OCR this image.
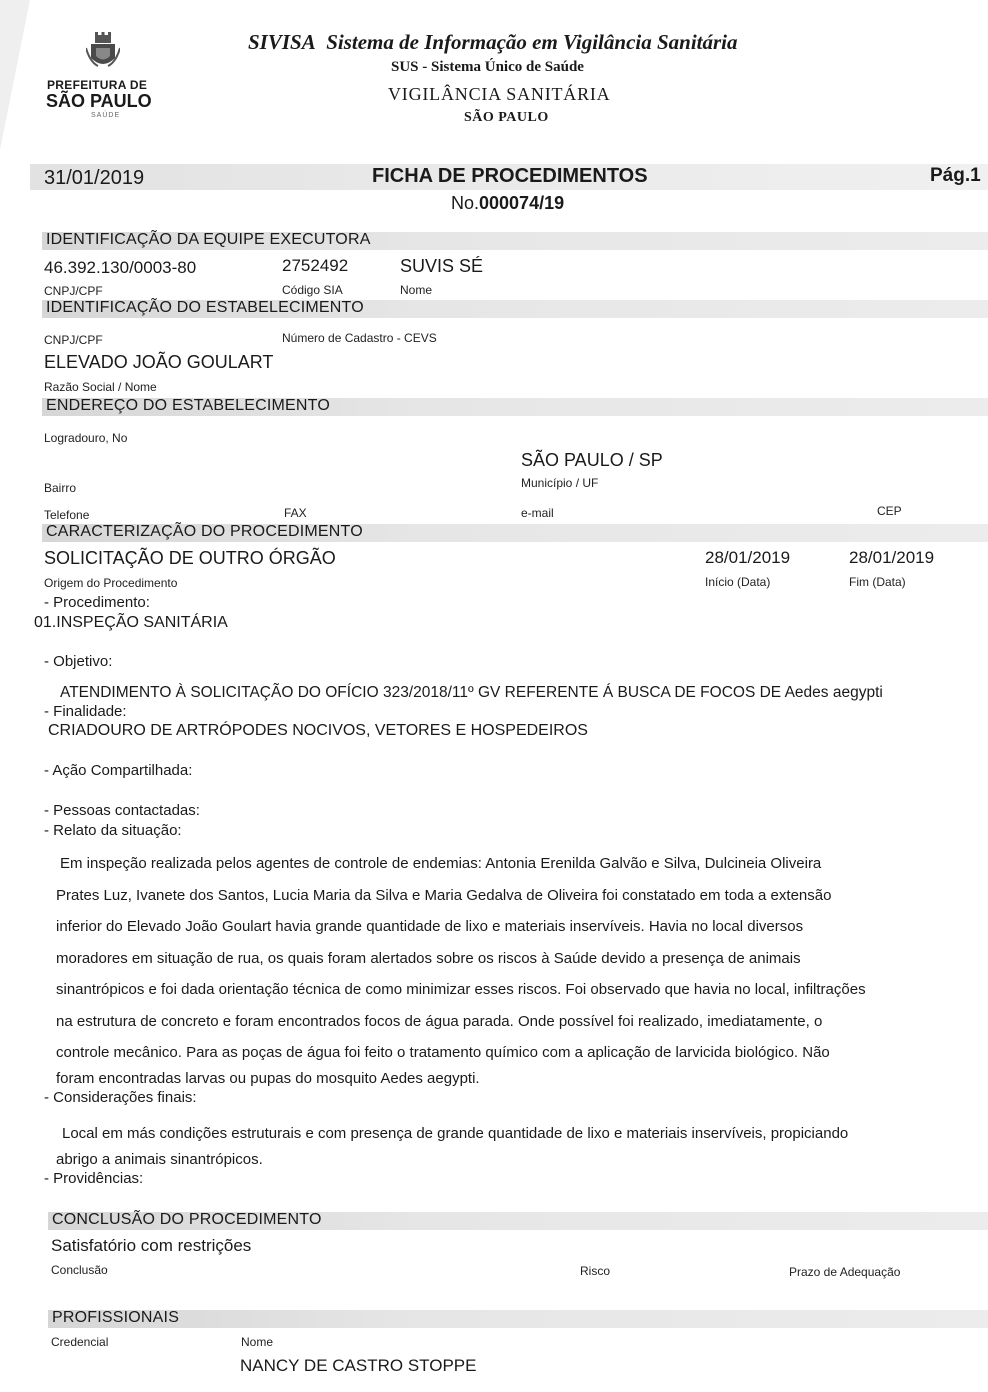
PREFEITURA DE
SÃO PAULO
SAÚDE
SIVISA Sistema de Informação em Vigilância Sanitária
SUS - Sistema Único de Saúde
VIGILÂNCIA SANITÁRIA
SÃO PAULO
31/01/2019	FICHA DE PROCEDIMENTOS	Pág.1
No.000074/19
IDENTIFICAÇÃO DA EQUIPE EXECUTORA
46.392.130/0003-80	2752492	SUVIS SÉ
CNPJ/CPF	Código SIA	Nome
IDENTIFICAÇÃO DO ESTABELECIMENTO
CNPJ/CPF	Número de Cadastro - CEVS
ELEVADO JOÃO GOULART
Razão Social / Nome
ENDEREÇO DO ESTABELECIMENTO
Logradouro, No
SÃO PAULO / SP
Município / UF
Bairro
Telefone	FAX	e-mail	CEP
CARACTERIZAÇÃO DO PROCEDIMENTO
SOLICITAÇÃO DE OUTRO ÓRGÃO	28/01/2019	28/01/2019
Origem do Procedimento	Início (Data)	Fim (Data)
- Procedimento:
01.INSPEÇÃO SANITÁRIA
- Objetivo:
ATENDIMENTO À SOLICITAÇÃO DO OFÍCIO 323/2018/11º GV REFERENTE Á BUSCA DE FOCOS DE Aedes aegypti
- Finalidade:
CRIADOURO DE ARTRÓPODES NOCIVOS, VETORES E HOSPEDEIROS
- Ação Compartilhada:
- Pessoas contactadas:
- Relato da situação:
Em inspeção realizada pelos agentes de controle de endemias: Antonia Erenilda Galvão e Silva, Dulcineia Oliveira
Prates Luz, Ivanete dos Santos, Lucia Maria da Silva e Maria Gedalva de Oliveira foi constatado em toda a extensão
inferior do Elevado João Goulart havia grande quantidade de lixo e materiais inservíveis. Havia no local diversos
moradores em situação de rua, os quais foram alertados sobre os riscos à Saúde devido a presença de animais
sinantrópicos e foi dada orientação técnica de como minimizar esses riscos. Foi observado que havia no local, infiltrações
na estrutura de concreto e foram encontrados focos de água parada. Onde possível foi realizado, imediatamente, o
controle mecânico. Para as poças de água foi feito o tratamento químico com a aplicação de larvicida biológico. Não
foram encontradas larvas ou pupas do mosquito Aedes aegypti.
- Considerações finais:
Local em más condições estruturais e com presença de grande quantidade de lixo e materiais inservíveis, propiciando
abrigo a animais sinantrópicos.
- Providências:
CONCLUSÃO DO PROCEDIMENTO
Satisfatório com restrições
Conclusão	Risco	Prazo de Adequação
PROFISSIONAIS
Credencial	Nome
NANCY DE CASTRO STOPPE
